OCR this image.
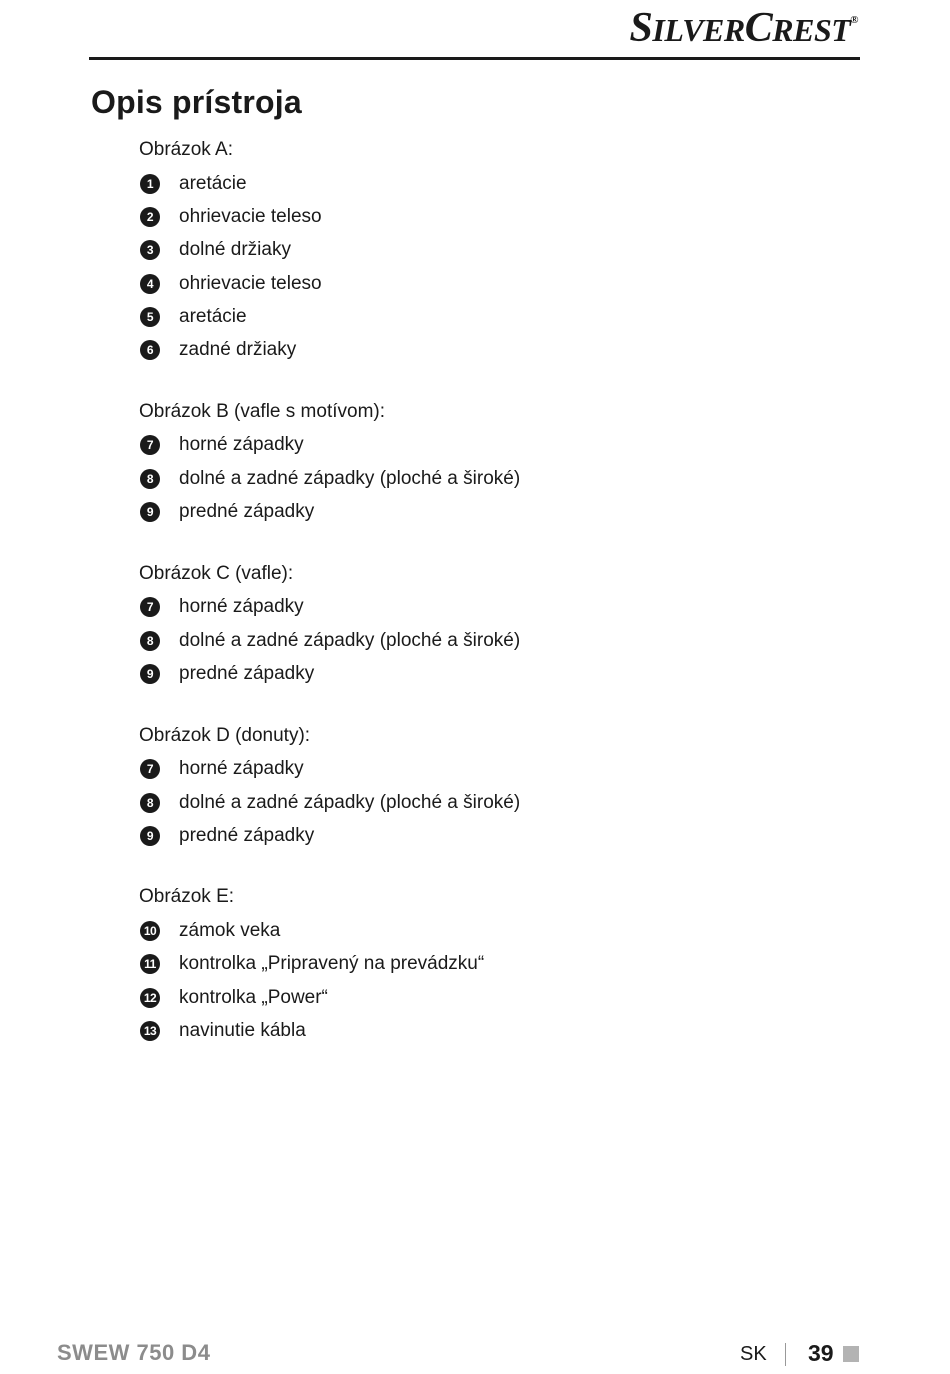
SILVERCREST®
Opis prístroja
Obrázok A:
1	aretácie
2	ohrievacie teleso
3	dolné držiaky
4	ohrievacie teleso
5	aretácie
6	zadné držiaky
Obrázok B (vafle s motívom):
7	horné západky
8	dolné a zadné západky (ploché a široké)
9	predné západky
Obrázok C (vafle):
7	horné západky
8	dolné a zadné západky (ploché a široké)
9	predné západky
Obrázok D (donuty):
7	horné západky
8	dolné a zadné západky (ploché a široké)
9	predné západky
Obrázok E:
10 zámok veka
11 kontrolka „Pripravený na prevádzku“
12 kontrolka „Power“
13 navinutie kábla
SWEW 750 D4	SK 39
